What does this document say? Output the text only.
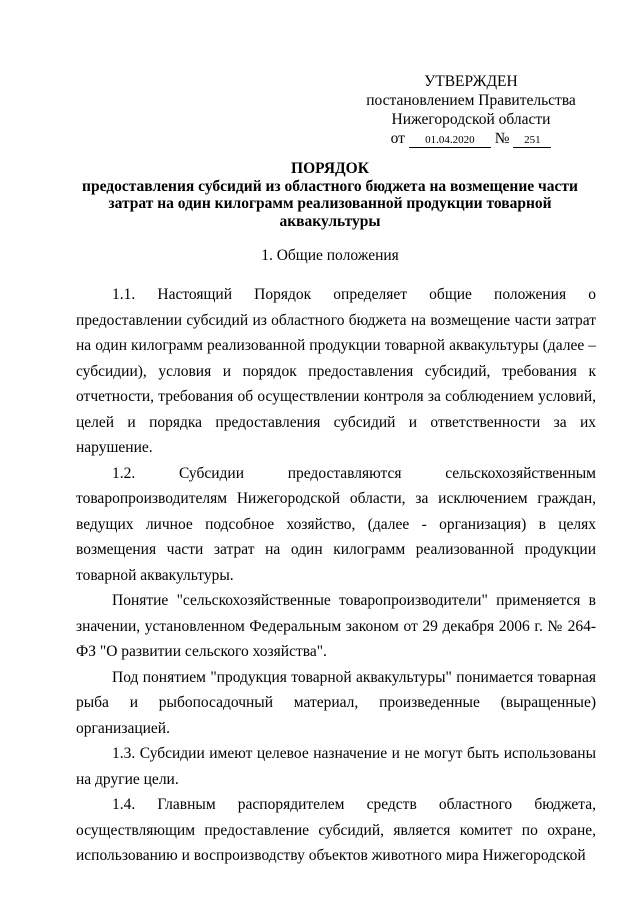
УТВЕРЖДЕН
постановлением Правительства
Нижегородской области
от 01.04.2020 № 251
ПОРЯДОК
предоставления субсидий из областного бюджета на возмещение части затрат на один килограмм реализованной продукции товарной аквакультуры
1. Общие положения

1.1. Настоящий Порядок определяет общие положения о предоставлении субсидий из областного бюджета на возмещение части затрат на один килограмм реализованной продукции товарной аквакультуры (далее – субсидии), условия и порядок предоставления субсидий, требования к отчетности, требования об осуществлении контроля за соблюдением условий, целей и порядка предоставления субсидий и ответственности за их нарушение.

1.2. Субсидии предоставляются сельскохозяйственным товаропроизводителям Нижегородской области, за исключением граждан, ведущих личное подсобное хозяйство, (далее - организация) в целях возмещения части затрат на один килограмм реализованной продукции товарной аквакультуры.

Понятие "сельскохозяйственные товаропроизводители" применяется в значении, установленном Федеральным законом от 29 декабря 2006 г. № 264-ФЗ "О развитии сельского хозяйства".

Под понятием "продукция товарной аквакультуры" понимается товарная рыба и рыбопосадочный материал, произведенные (выращенные) организацией.

1.3. Субсидии имеют целевое назначение и не могут быть использованы на другие цели.

1.4. Главным распорядителем средств областного бюджета, осуществляющим предоставление субсидий, является комитет по охране, использованию и воспроизводству объектов животного мира Нижегородской
